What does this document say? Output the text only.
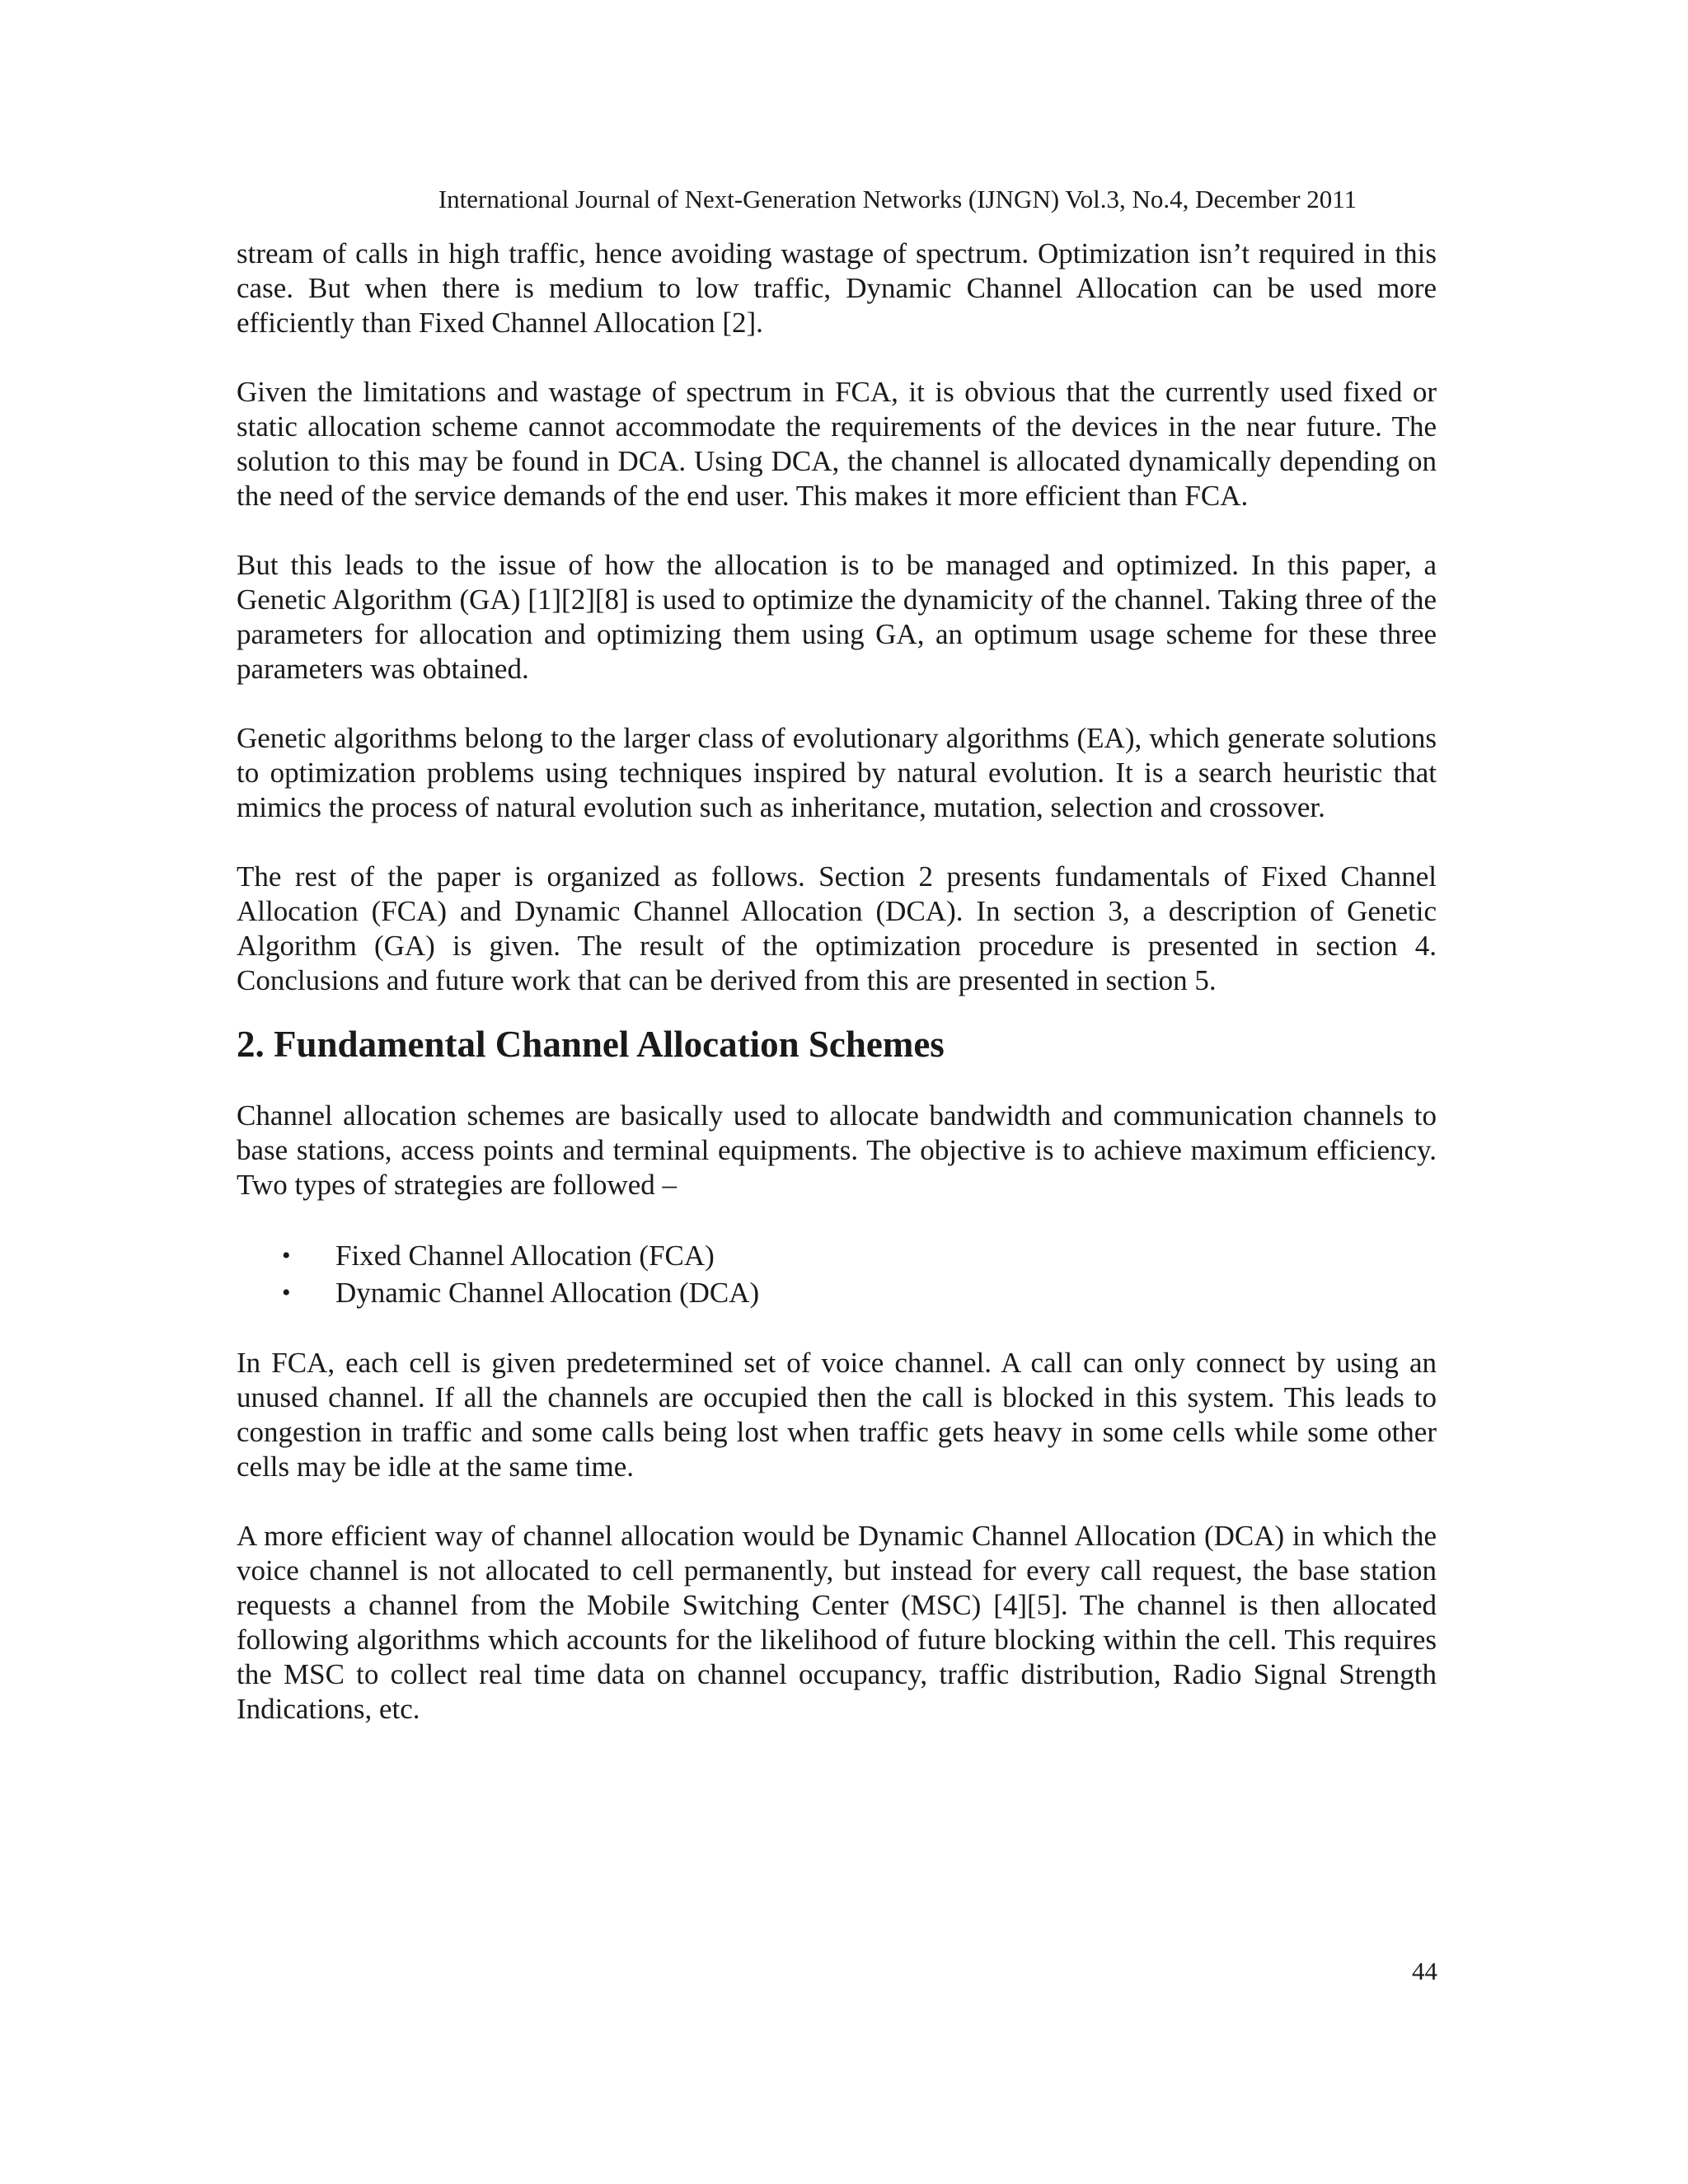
International Journal of Next-Generation Networks (IJNGN) Vol.3, No.4, December 2011

stream of calls in high traffic, hence avoiding wastage of spectrum. Optimization isn’t required in this case. But when there is medium to low traffic, Dynamic Channel Allocation can be used more efficiently than Fixed Channel Allocation [2].

Given the limitations and wastage of spectrum in FCA, it is obvious that the currently used fixed or static allocation scheme cannot accommodate the requirements of the devices in the near future. The solution to this may be found in DCA. Using DCA, the channel is allocated dynamically depending on the need of the service demands of the end user. This makes it more efficient than FCA.

But this leads to the issue of how the allocation is to be managed and optimized. In this paper, a Genetic Algorithm (GA) [1][2][8] is used to optimize the dynamicity of the channel. Taking three of the parameters for allocation and optimizing them using GA, an optimum usage scheme for these three parameters was obtained.

Genetic algorithms belong to the larger class of evolutionary algorithms (EA), which generate solutions to optimization problems using techniques inspired by natural evolution. It is a search heuristic that mimics the process of natural evolution such as inheritance, mutation, selection and crossover.

The rest of the paper is organized as follows. Section 2 presents fundamentals of Fixed Channel Allocation (FCA) and Dynamic Channel Allocation (DCA). In section 3, a description of Genetic Algorithm (GA) is given. The result of the optimization procedure is presented in section 4. Conclusions and future work that can be derived from this are presented in section 5.

2. Fundamental Channel Allocation Schemes

Channel allocation schemes are basically used to allocate bandwidth and communication channels to base stations, access points and terminal equipments. The objective is to achieve maximum efficiency. Two types of strategies are followed –

• Fixed Channel Allocation (FCA)
• Dynamic Channel Allocation (DCA)

In FCA, each cell is given predetermined set of voice channel. A call can only connect by using an unused channel. If all the channels are occupied then the call is blocked in this system. This leads to congestion in traffic and some calls being lost when traffic gets heavy in some cells while some other cells may be idle at the same time.

A more efficient way of channel allocation would be Dynamic Channel Allocation (DCA) in which the voice channel is not allocated to cell permanently, but instead for every call request, the base station requests a channel from the Mobile Switching Center (MSC) [4][5]. The channel is then allocated following algorithms which accounts for the likelihood of future blocking within the cell. This requires the MSC to collect real time data on channel occupancy, traffic distribution, Radio Signal Strength Indications, etc.

44
